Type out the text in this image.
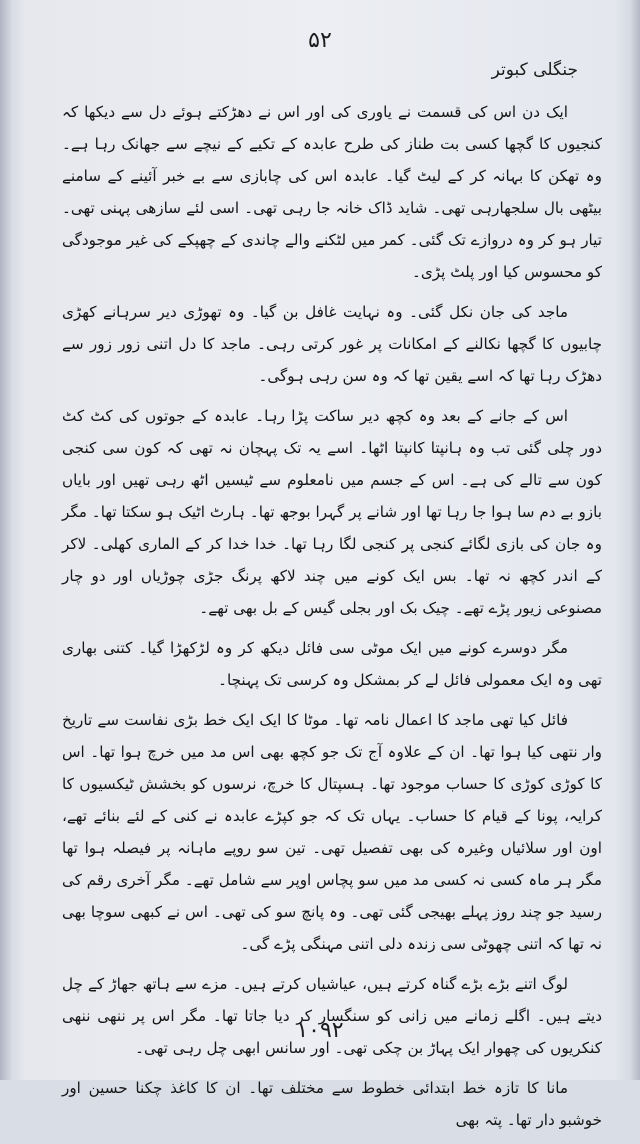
۵۲
جنگلی کبوتر

ایک دن اس کی قسمت نے یاوری کی اور اس نے دھڑکتے ہوئے دل سے دیکھا کہ کنجیوں کا گچھا کسی بت طناز کی طرح عابدہ کے تکیے کے نیچے سے جھانک رہا ہے۔ وہ تھکن کا بہانہ کر کے لیٹ گیا۔ عابدہ اس کی چابازی سے بے خبر آئینے کے سامنے بیٹھی بال سلجھارہی تھی۔ شاید ڈاک خانہ جا رہی تھی۔ اسی لئے سازھی پہنی تھی۔ تیار ہو کر وہ دروازے تک گئی۔ کمر میں لٹکنے والے چاندی کے چھپکے کی غیر موجودگی کو محسوس کیا اور پلٹ پڑی۔

ماجد کی جان نکل گئی۔ وہ نہایت غافل بن گیا۔ وہ تھوڑی دیر سرہانے کھڑی چابیوں کا گچھا نکالنے کے امکانات پر غور کرتی رہی۔ ماجد کا دل اتنی زور زور سے دھڑک رہا تھا کہ اسے یقین تھا کہ وہ سن رہی ہوگی۔

اس کے جانے کے بعد وہ کچھ دیر ساکت پڑا رہا۔ عابدہ کے جوتوں کی کٹ کٹ دور چلی گئی تب وہ ہانپتا کانپتا اٹھا۔ اسے یہ تک پہچان نہ تھی کہ کون سی کنجی کون سے تالے کی ہے۔ اس کے جسم میں نامعلوم سے ٹیسیں اٹھ رہی تھیں اور بایاں بازو بے دم سا ہوا جا رہا تھا اور شانے پر گہرا بوجھ تھا۔ ہارٹ اٹیک ہو سکتا تھا۔ مگر وہ جان کی بازی لگائے کنجی پر کنجی لگا رہا تھا۔ خدا خدا کر کے الماری کھلی۔ لاکر کے اندر کچھ نہ تھا۔ بس ایک کونے میں چند لاکھ پرنگ جڑی چوڑیاں اور دو چار مصنوعی زیور پڑے تھے۔ چیک بک اور بجلی گیس کے بل بھی تھے۔

مگر دوسرے کونے میں ایک موٹی سی فائل دیکھ کر وہ لڑکھڑا گیا۔ کتنی بھاری تھی وہ ایک معمولی فائل لے کر بمشکل وہ کرسی تک پہنچا۔

فائل کیا تھی ماجد کا اعمال نامہ تھا۔ موٹا کا ایک ایک خط بڑی نفاست سے تاریخ وار نتھی کیا ہوا تھا۔ ان کے علاوہ آج تک جو کچھ بھی اس مد میں خرچ ہوا تھا۔ اس کا کوڑی کوڑی کا حساب موجود تھا۔ ہسپتال کا خرچ، نرسوں کو بخشش ٹیکسیوں کا کرایہ، پونا کے قیام کا حساب۔ یہاں تک کہ جو کپڑے عابدہ نے کنی کے لئے بنائے تھے، اون اور سلائیاں وغیرہ کی بھی تفصیل تھی۔ تین سو روپے ماہانہ پر فیصلہ ہوا تھا مگر ہر ماہ کسی نہ کسی مد میں سو پچاس اوپر سے شامل تھے۔ مگر آخری رقم کی رسید جو چند روز پہلے بھیجی گئی تھی۔ وہ پانچ سو کی تھی۔ اس نے کبھی سوچا بھی نہ تھا کہ اتنی چھوٹی سی زندہ دلی اتنی مہنگی پڑے گی۔

لوگ اتنے بڑے بڑے گناہ کرتے ہیں، عیاشیاں کرتے ہیں۔ مزے سے ہاتھ جھاڑ کے چل دیتے ہیں۔ اگلے زمانے میں زانی کو سنگسار کر دیا جاتا تھا۔ مگر اس پر ننھی ننھی کنکریوں کی چھوار ایک پہاڑ بن چکی تھی۔ اور سانس ابھی چل رہی تھی۔

مانا کا تازہ خط ابتدائی خطوط سے مختلف تھا۔ ان کا کاغذ چکنا حسین اور خوشبو دار تھا۔ پتہ بھی

۱۰۹۲
